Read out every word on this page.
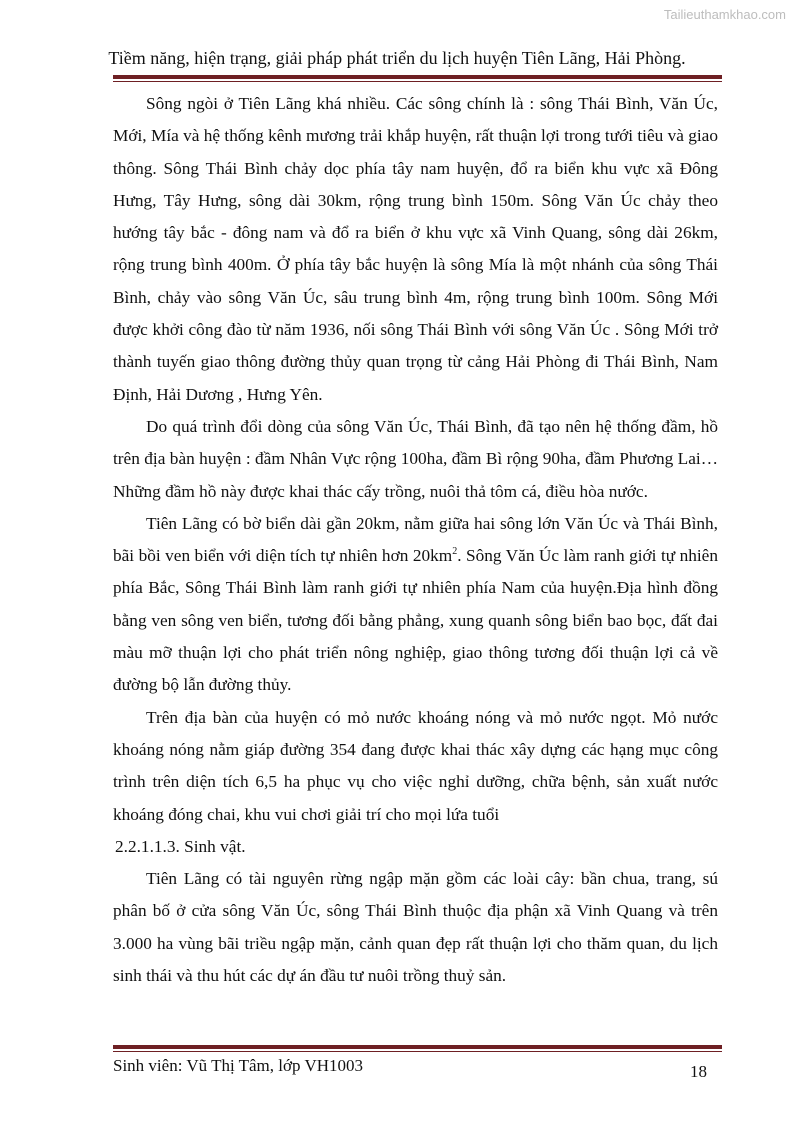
Tailieuthamkhao.com
Tiềm năng, hiện trạng, giải pháp phát triển du lịch huyện Tiên Lãng, Hải Phòng.

Sông ngòi ở Tiên Lãng khá nhiều. Các sông chính là : sông Thái Bình, Văn Úc, Mới, Mía và hệ thống kênh mương trải khắp huyện, rất thuận lợi trong tưới tiêu và giao thông. Sông Thái Bình chảy dọc phía tây nam huyện, đổ ra biển khu vực xã Đông Hưng, Tây Hưng, sông dài 30km, rộng trung bình 150m. Sông Văn Úc chảy theo hướng tây bắc - đông nam và đổ ra biển ở khu vực xã Vinh Quang, sông dài 26km, rộng trung bình 400m. Ở phía tây bắc huyện là sông Mía là một nhánh của sông Thái Bình, chảy vào sông Văn Úc, sâu trung bình 4m, rộng trung bình 100m. Sông Mới được khởi công đào từ năm 1936, nối sông Thái Bình với sông Văn Úc . Sông Mới trở thành tuyến giao thông đường thủy quan trọng từ cảng Hải Phòng đi Thái Bình, Nam Định, Hải Dương , Hưng Yên.

Do quá trình đổi dòng của sông Văn Úc, Thái Bình, đã tạo nên hệ thống đầm, hồ trên địa bàn huyện : đầm Nhân Vực rộng 100ha, đầm Bì rộng 90ha, đầm Phương Lai…Những đầm hồ này được khai thác cấy trồng, nuôi thả tôm cá, điều hòa nước.

Tiên Lãng có bờ biển dài gần 20km, nằm giữa hai sông lớn Văn Úc và Thái Bình, bãi bồi ven biển với diện tích tự nhiên hơn $20km^2$. Sông Văn Úc làm ranh giới tự nhiên phía Bắc, Sông Thái Bình làm ranh giới tự nhiên phía Nam của huyện.Địa hình đồng bằng ven sông ven biển, tương đối bằng phẳng, xung quanh sông biển bao bọc, đất đai màu mỡ thuận lợi cho phát triển nông nghiệp, giao thông tương đối thuận lợi cả về đường bộ lẫn đường thủy.

Trên địa bàn của huyện có mỏ nước khoáng nóng và mỏ nước ngọt. Mỏ nước khoáng nóng nằm giáp đường 354 đang được khai thác xây dựng các hạng mục công trình trên diện tích 6,5 ha phục vụ cho việc nghỉ dưỡng, chữa bệnh, sản xuất nước khoáng đóng chai, khu vui chơi giải trí cho mọi lứa tuổi

2.2.1.1.3. Sinh vật.

Tiên Lãng có tài nguyên rừng ngập mặn gồm các loài cây: bần chua, trang, sú phân bố ở cửa sông Văn Úc, sông Thái Bình thuộc địa phận xã Vinh Quang và trên 3.000 ha vùng bãi triều ngập mặn, cảnh quan đẹp rất thuận lợi cho thăm quan, du lịch sinh thái và thu hút các dự án đầu tư nuôi trồng thuỷ sản.

Sinh viên: Vũ Thị Tâm, lớp VH1003	18
